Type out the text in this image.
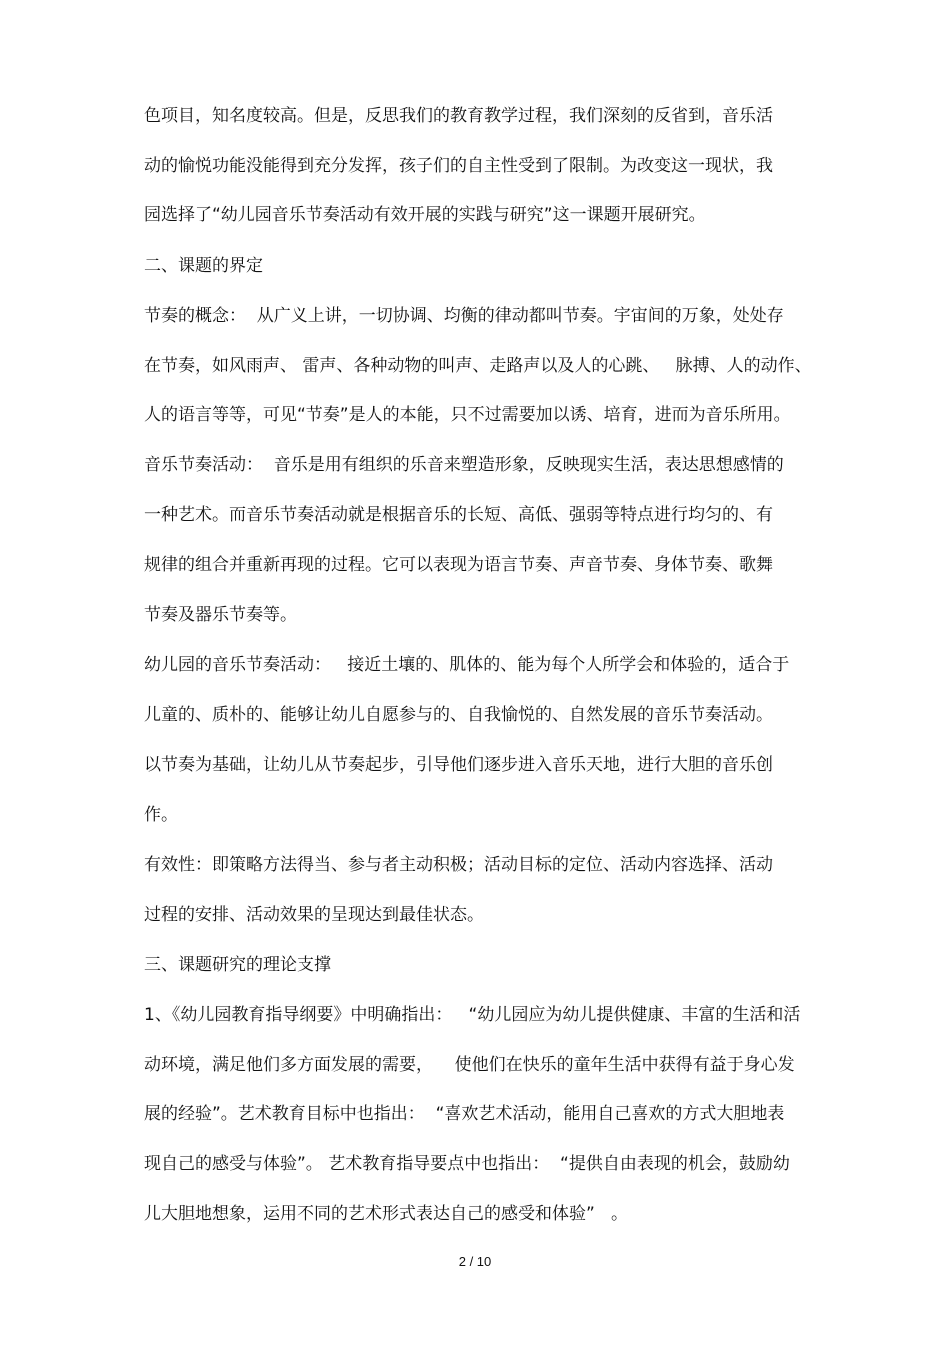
色项目，知名度较高。但是，反思我们的教育教学过程，我们深刻的反省到，音乐活
动的愉悦功能没能得到充分发挥，孩子们的自主性受到了限制。为改变这一现状，我
园选择了“幼儿园音乐节奏活动有效开展的实践与研究”这一课题开展研究。
二、课题的界定
节奏的概念：  从广义上讲，一切协调、均衡的律动都叫节奏。宇宙间的万象，处处存
在节奏，如风雨声、 雷声、各种动物的叫声、走路声以及人的心跳、   脉搏、人的动作、
人的语言等等，可见“节奏”是人的本能，只不过需要加以诱、培育，进而为音乐所用。
音乐节奏活动：  音乐是用有组织的乐音来塑造形象，反映现实生活，表达思想感情的
一种艺术。而音乐节奏活动就是根据音乐的长短、高低、强弱等特点进行均匀的、有
规律的组合并重新再现的过程。它可以表现为语言节奏、声音节奏、身体节奏、歌舞
节奏及器乐节奏等。
幼儿园的音乐节奏活动：   接近土壤的、肌体的、能为每个人所学会和体验的，适合于
儿童的、质朴的、能够让幼儿自愿参与的、自我愉悦的、自然发展的音乐节奏活动。
以节奏为基础，让幼儿从节奏起步，引导他们逐步进入音乐天地，进行大胆的音乐创
作。
有效性：即策略方法得当、参与者主动积极；活动目标的定位、活动内容选择、活动
过程的安排、活动效果的呈现达到最佳状态。
三、课题研究的理论支撑
1、《幼儿园教育指导纲要》中明确指出：   “幼儿园应为幼儿提供健康、丰富的生活和活
动环境，满足他们多方面发展的需要，    使他们在快乐的童年生活中获得有益于身心发
展的经验”。艺术教育目标中也指出：  “喜欢艺术活动，能用自己喜欢的方式大胆地表
现自己的感受与体验”。 艺术教育指导要点中也指出：  “提供自由表现的机会，鼓励幼
儿大胆地想象，运用不同的艺术形式表达自己的感受和体验”   。
2 / 10
